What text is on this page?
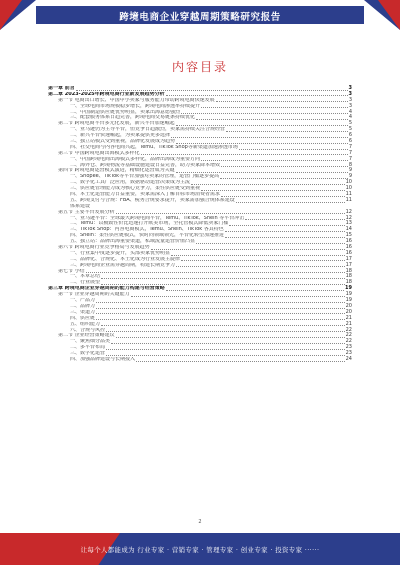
跨境电商企业穿越周期策略研究报告
内容目录
第一章 前言	3
第二章 2023-2025年跨境电商行业新发展趋势分析	3
第一节 电商出口增长、中国中小卖家与服务能力带动跨境电商快速发展	3
一、全球电商市场规模稳步增长，跨境电商渗透率持续提升	3
二、中国制造供应链优势明显，卖家出海意愿强烈	4
三、配套服务体系日趋完善，跨境电商交易链条持续优化	4
第二节 跨境电商平台多元化发展，新兴平台加速崛起	5
一、亚马逊仍为主导平台，但竞争日趋激烈，卖家需持续关注合规经营	5
二、新兴平台快速崛起，为卖家提供更多选择	6
三、独立站模式受到重视，品牌化发展成为趋势	6
四、社交电商与内容电商兴起，Temu、TikTok Shop等新渠道加速渗透市场	7
第三节 中国跨境电商出海模式多样化	7
一、中国跨境电商出海模式多样化，品牌出海成为重要方向	7
二、海外仓、跨境物流等基础设施建设日益完善，助力卖家降本增效	8
第四节 跨境电商运营模式演进，精细化运营成为关键	9
一、Shopee、TikTok等平台加强对卖家的管理，运营门槛逐步提高	9
二、数字化工具广泛应用，数据驱动运营决策成为主流	10
三、供应链管理能力成为核心竞争力，柔性供应链受到重视	10
四、本土化运营能力日益重要，卖家需深入了解目标市场消费者需求	11
五、跨境支付与合规：FBA、税务合规要求提升，卖家需加强合规体系建设	11
体系建设
第五节 主要平台发展分析	12
一、亚马逊平台：全球最大跨境电商平台，Temu、TikTok、Shein 等平台冲击	12
二、Temu：以极致性价比迅速打开欧美市场，全托管模式降低卖家门槛	13
三、TikTok Shop：内容电商模式，Temu、Shein、TikTok 各具特色	14
四、Shein：柔性供应链模式，快时尚领域领先，平台化转型加速推进	15
五、独立站：品牌出海重要渠道，私域流量运营价值凸显	16
第六节 跨境电商行业竞争格局与发展趋势	16
一、行业集中度逐步提升，头部卖家优势明显	16
二、品牌化、合规化、本土化成为行业发展主旋律	17
三、跨境电商企业需穿越周期，构建长期竞争力	17
第七节 小结	18
一、本章总结	18
二、行业展望	18
第三章 跨境电商企业穿越周期的能力构建与经营策略	19
第一节 企业穿越周期的关键能力	19
一、产品力	19
二、品牌力	20
三、渠道力	20
四、供应链	21
五、组织能力	21
六、合规与风控	22
第二节 企业经营策略建议	22
一、聚焦细分品类	22
二、多平台布局	23
三、数字化运营	23
四、加强品牌建设与长期投入	24
2
让每个人都能成为 行业专家 · 营销专家 · 管理专家 · 创业专家 · 投资专家 ······
